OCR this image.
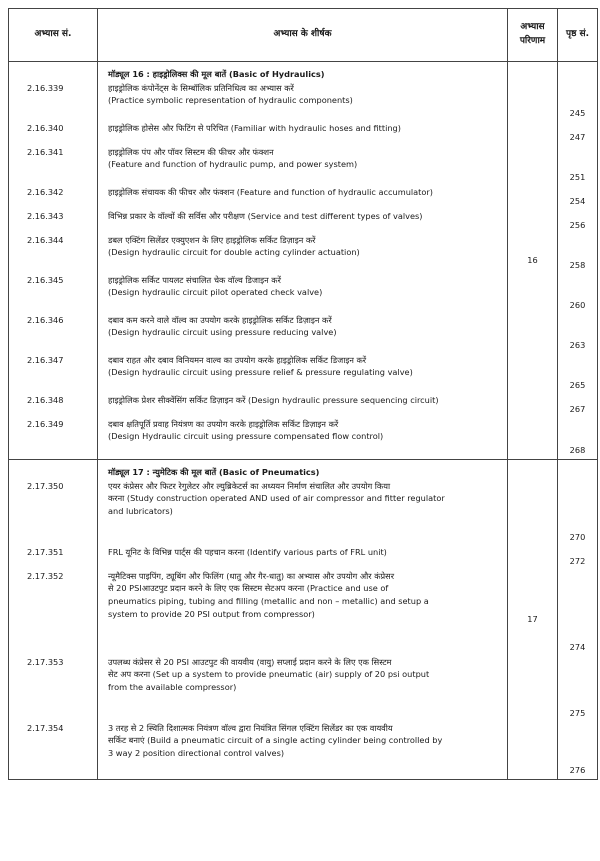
अभ्यास सं.	अभ्यास के शीर्षक	अभ्यास
परिणाम	पृष्ठ सं.
	मॉड्यूल 16 : हाइड्रोलिक्स की मूल बातें (Basic of Hydraulics)	16	
2.16.339	हाइड्रोलिक कंपोनेंट्स के सिम्बॉलिक प्रतिनिधित्व का अभ्यास करें
(Practice symbolic representation of hydraulic components)		245
2.16.340	हाइड्रोलिक होसेस और फिटिंग से परिचित (Familiar with hydraulic hoses and fitting)		247
2.16.341	हाइड्रोलिक पंप और पॉवर सिस्टम की फीचर और फंक्शन
(Feature and function of hydraulic pump, and power system)		251
2.16.342	हाइड्रोलिक संचायक की फीचर और फंक्शन (Feature and function of hydraulic accumulator)		254
2.16.343	विभिन्न प्रकार के वॉल्वों की सर्विस और परीक्षण (Service and test different types of valves)		256
2.16.344	डबल एक्टिंग सिलेंडर एक्युएशन के लिए हाइड्रोलिक सर्किट डिज़ाइन करें
(Design hydraulic circuit for double acting cylinder actuation)		258
2.16.345	हाइड्रोलिक सर्किट पायलट संचालित चेक वॉल्व डिजाइन करें
(Design hydraulic circuit pilot operated check valve)		260
2.16.346	दबाव कम करने वाले वॉल्व का उपयोग करके हाइड्रोलिक सर्किट डिज़ाइन करें
(Design hydraulic circuit using pressure reducing valve)		263
2.16.347	दबाव राहत और दबाव विनियमन वाल्व का उपयोग करके हाइड्रोलिक सर्किट डिजाइन करें
(Design hydraulic circuit using pressure relief & pressure regulating valve)		265
2.16.348	हाइड्रोलिक प्रेशर सीक्वेंसिंग सर्किट डिज़ाइन करें (Design hydraulic pressure sequencing circuit)		267
2.16.349	दबाव क्षतिपूर्ति प्रवाह नियंत्रण का उपयोग करके हाइड्रोलिक सर्किट डिज़ाइन करें
(Design Hydraulic circuit using pressure compensated flow control)		268
	मॉड्यूल 17 : न्युमेटिक की मूल बातें (Basic of Pneumatics)	17	
2.17.350	एयर कंप्रेसर और फिटर रेगुलेटर और ल्युब्रिकेटर्स का अध्ययन निर्माण संचालित और उपयोग किया
करना (Study construction operated AND used of air compressor and fitter regulator
and lubricators)		270
2.17.351	FRL यूनिट के विभिन्न पार्ट्स की पहचान करना (Identify various parts of FRL unit)		272
2.17.352	न्यूमैटिक्स पाइपिंग, ट्यूबिंग और फिलिंग (धातु और गैर-धातु) का अभ्यास और उपयोग और कंप्रेसर
से 20 PSIआउटपुट प्रदान करने के लिए एक सिस्टम सेटअप करना (Practice and use of
pneumatics piping, tubing and filling (metallic and non – metallic) and setup a
system to provide 20 PSI output from compressor)		274
2.17.353	उपलब्ध कंप्रेसर से 20 PSI आउटपुट की वायवीय (वायु) सप्लाई प्रदान करने के लिए एक सिस्टम
सेट अप करना (Set up a system to provide pneumatic (air) supply of 20 psi output
from the available compressor)		275
2.17.354	3 तरह से 2 स्थिति दिशात्मक नियंत्रण वॉल्व द्वारा नियंत्रित सिंगल एक्टिंग सिलेंडर का एक वायवीय
सर्किट बनाएं (Build a pneumatic circuit of a single acting cylinder being controlled by
3 way 2 position directional control valves)		276
